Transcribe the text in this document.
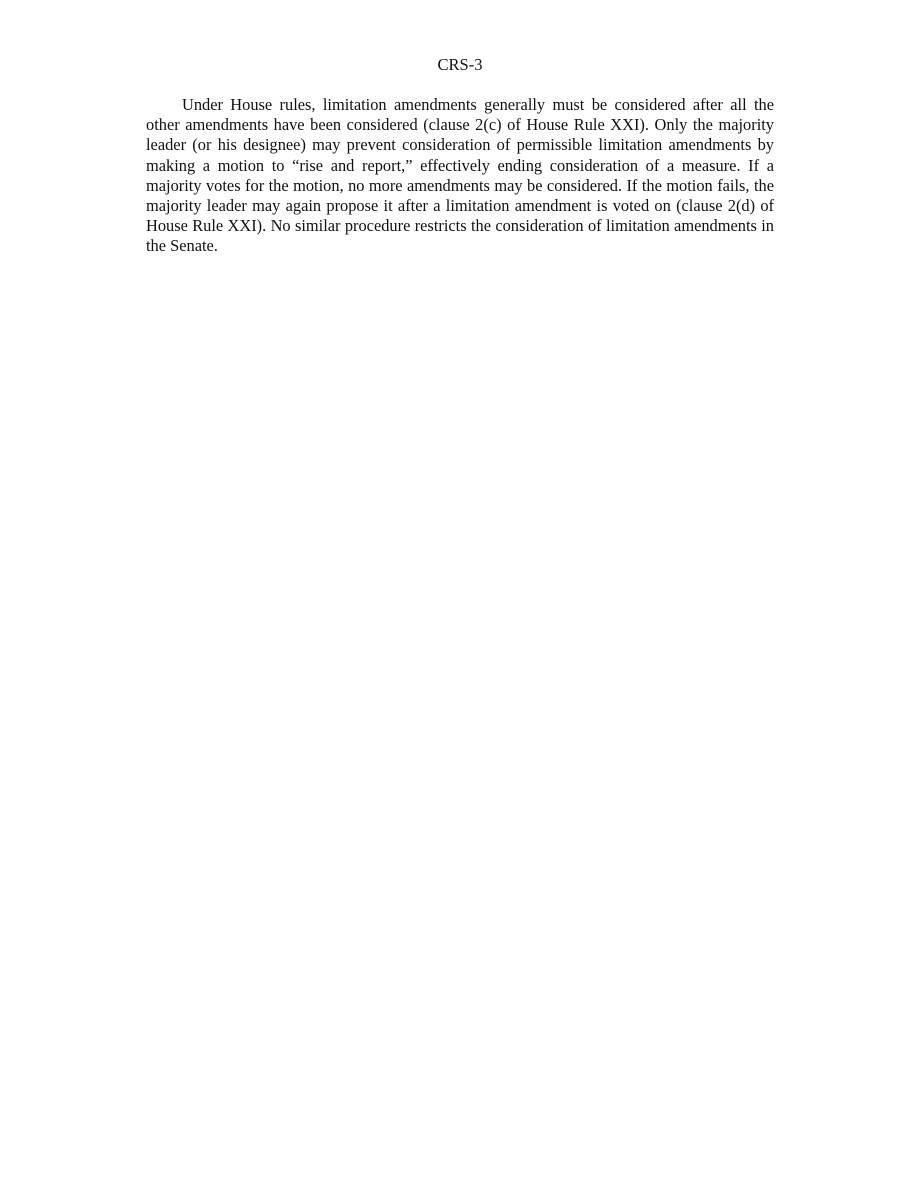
CRS-3

Under House rules, limitation amendments generally must be considered after all the other amendments have been considered (clause 2(c) of House Rule XXI). Only the majority leader (or his designee) may prevent consideration of permissible limitation amendments by making a motion to “rise and report,” effectively ending consideration of a measure. If a majority votes for the motion, no more amendments may be considered. If the motion fails, the majority leader may again propose it after a limitation amendment is voted on (clause 2(d) of House Rule XXI). No similar procedure restricts the consideration of limitation amendments in the Senate.
